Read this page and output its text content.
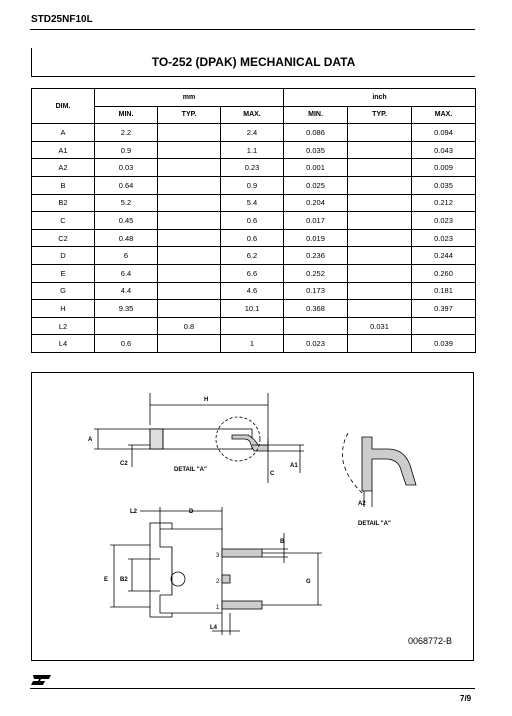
STD25NF10L
TO-252 (DPAK) MECHANICAL DATA
DIM.	mm			inch		
	MIN.	TYP.	MAX.	MIN.	TYP.	MAX.
A	2.2		2.4	0.086		0.094
A1	0.9		1.1	0.035		0.043
A2	0.03		0.23	0.001		0.009
B	0.64		0.9	0.025		0.035
B2	5.2		5.4	0.204		0.212
C	0.45		0.6	0.017		0.023
C2	0.48		0.6	0.019		0.023
D	6		6.2	0.236		0.244
E	6.4		6.6	0.252		0.260
G	4.4		4.6	0.173		0.181
H	9.35		10.1	0.368		0.397
L2		0.8			0.031	
L4	0.6		1	0.023		0.039
H
A
C2
DETAIL "A"
C
A1
A2
DETAIL "A"
L2	D
B
E B2	G
L4
3
2
1
0068772-B
7/9
